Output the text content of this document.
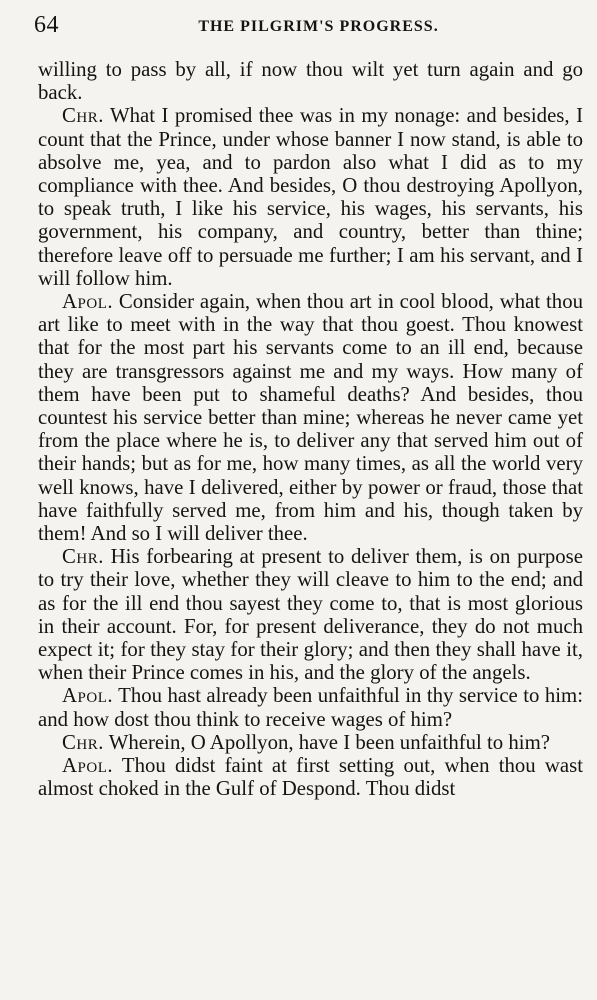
64	THE PILGRIM'S PROGRESS.

willing to pass by all, if now thou wilt yet turn again and go back.

Chr. What I promised thee was in my nonage: and besides, I count that the Prince, under whose banner I now stand, is able to absolve me, yea, and to pardon also what I did as to my compliance with thee. And besides, O thou destroying Apollyon, to speak truth, I like his service, his wages, his servants, his government, his company, and country, better than thine; therefore leave off to persuade me further; I am his servant, and I will follow him.

Apol. Consider again, when thou art in cool blood, what thou art like to meet with in the way that thou goest. Thou knowest that for the most part his servants come to an ill end, because they are transgressors against me and my ways. How many of them have been put to shameful deaths? And besides, thou countest his service better than mine; whereas he never came yet from the place where he is, to deliver any that served him out of their hands; but as for me, how many times, as all the world very well knows, have I delivered, either by power or fraud, those that have faithfully served me, from him and his, though taken by them! And so I will deliver thee.

Chr. His forbearing at present to deliver them, is on purpose to try their love, whether they will cleave to him to the end; and as for the ill end thou sayest they come to, that is most glorious in their account. For, for present deliverance, they do not much expect it; for they stay for their glory; and then they shall have it, when their Prince comes in his, and the glory of the angels.

Apol. Thou hast already been unfaithful in thy service to him: and how dost thou think to receive wages of him?

Chr. Wherein, O Apollyon, have I been unfaithful to him?

Apol. Thou didst faint at first setting out, when thou wast almost choked in the Gulf of Despond. Thou didst
